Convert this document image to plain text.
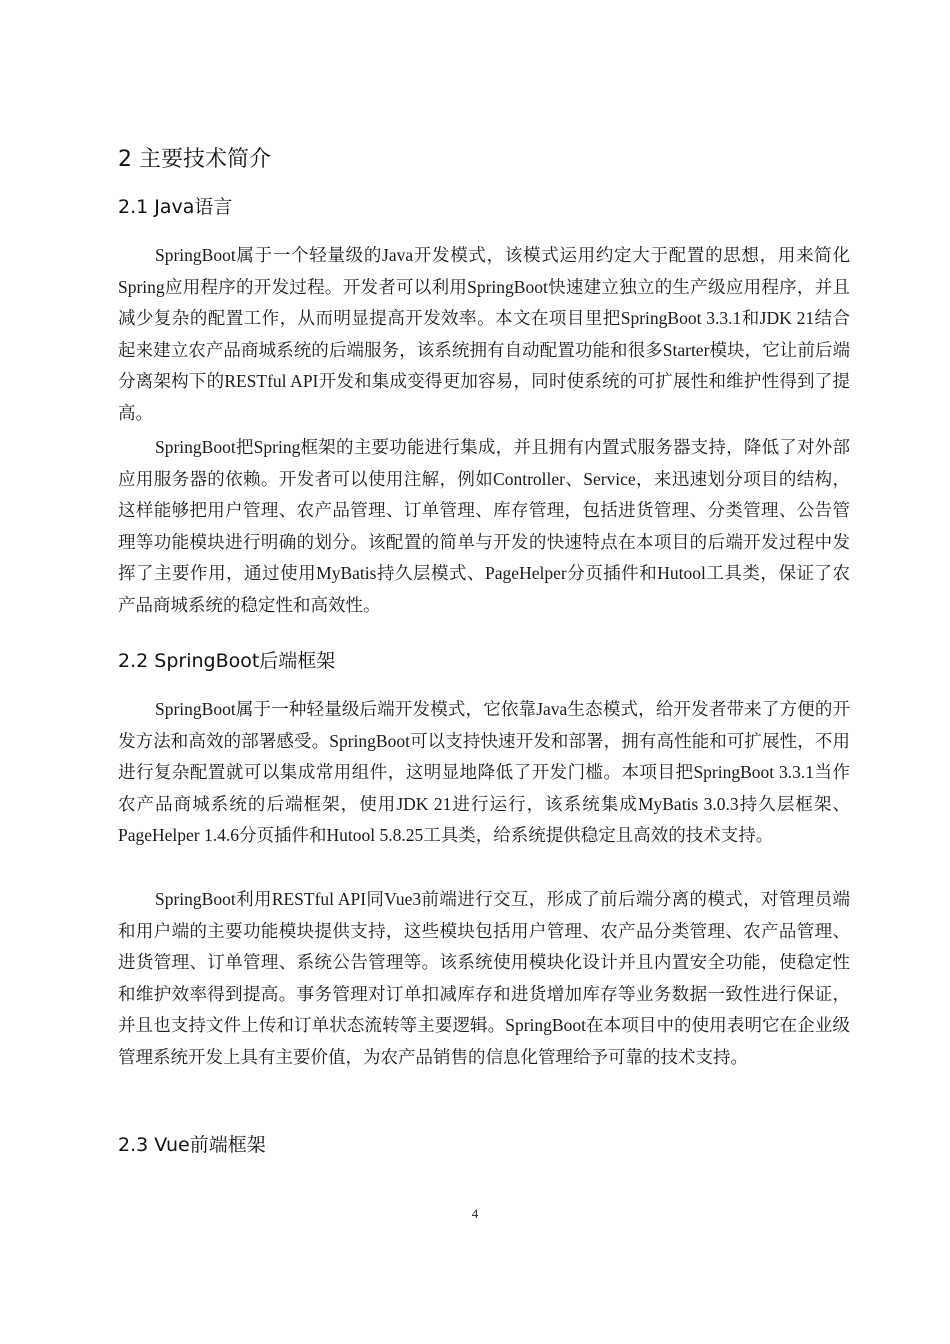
2 主要技术简介
2.1 Java语言

SpringBoot属于一个轻量级的Java开发模式，该模式运用约定大于配置的思想，用来简化Spring应用程序的开发过程。开发者可以利用SpringBoot快速建立独立的生产级应用程序，并且减少复杂的配置工作，从而明显提高开发效率。本文在项目里把SpringBoot 3.3.1和JDK 21结合起来建立农产品商城系统的后端服务，该系统拥有自动配置功能和很多Starter模块，它让前后端分离架构下的RESTful API开发和集成变得更加容易，同时使系统的可扩展性和维护性得到了提高。

SpringBoot把Spring框架的主要功能进行集成，并且拥有内置式服务器支持，降低了对外部应用服务器的依赖。开发者可以使用注解，例如Controller、Service，来迅速划分项目的结构，这样能够把用户管理、农产品管理、订单管理、库存管理，包括进货管理、分类管理、公告管理等功能模块进行明确的划分。该配置的简单与开发的快速特点在本项目的后端开发过程中发挥了主要作用，通过使用MyBatis持久层模式、PageHelper分页插件和Hutool工具类，保证了农产品商城系统的稳定性和高效性。

2.2 SpringBoot后端框架

SpringBoot属于一种轻量级后端开发模式，它依靠Java生态模式，给开发者带来了方便的开发方法和高效的部署感受。SpringBoot可以支持快速开发和部署，拥有高性能和可扩展性，不用进行复杂配置就可以集成常用组件，这明显地降低了开发门槛。本项目把SpringBoot 3.3.1当作农产品商城系统的后端框架，使用JDK 21进行运行，该系统集成MyBatis 3.0.3持久层框架、PageHelper 1.4.6分页插件和Hutool 5.8.25工具类，给系统提供稳定且高效的技术支持。

SpringBoot利用RESTful API同Vue3前端进行交互，形成了前后端分离的模式，对管理员端和用户端的主要功能模块提供支持，这些模块包括用户管理、农产品分类管理、农产品管理、进货管理、订单管理、系统公告管理等。该系统使用模块化设计并且内置安全功能，使稳定性和维护效率得到提高。事务管理对订单扣减库存和进货增加库存等业务数据一致性进行保证，并且也支持文件上传和订单状态流转等主要逻辑。SpringBoot在本项目中的使用表明它在企业级管理系统开发上具有主要价值，为农产品销售的信息化管理给予可靠的技术支持。

2.3 Vue前端框架
4
